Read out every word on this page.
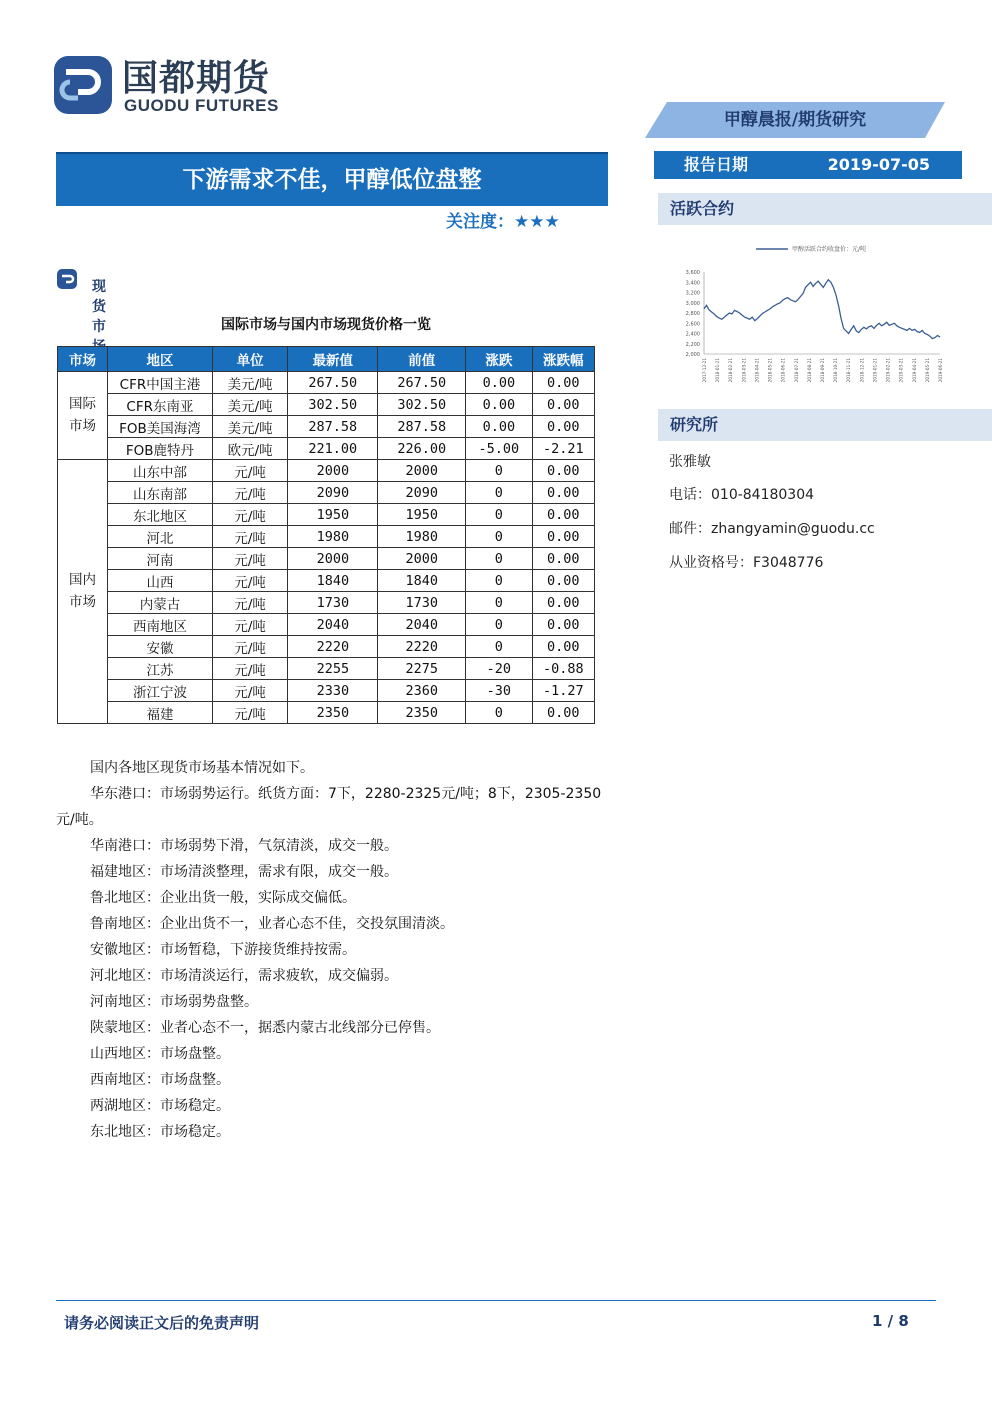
国都期货
GUODU FUTURES
甲醇晨报/期货研究
下游需求不佳，甲醇低位盘整
关注度：★★★
报告日期	2019-07-05
活跃合约
甲醇活跃合约收盘价：元/吨
3,600
3,400
3,200
3,000
2,800
2,600
2,400
2,200
2,000
2017-12-21 2018-01-21 2018-02-21 2018-03-21 2018-04-21 2018-05-21 2018-06-21 2018-07-21 2018-08-21 2018-09-21 2018-10-21 2018-11-21 2018-12-21 2019-01-21 2019-02-21 2019-03-21 2019-04-21 2019-05-21 2019-06-21
研究所
张雅敏
电话：010-84180304
邮件：zhangyamin@guodu.cc
从业资格号：F3048776
现货市	国际市场与国内市场现货价格一览
市场	地区	单位	最新值	前值	涨跌	涨跌幅
国际
市场	CFR中国主港	美元/吨	267.50	267.50	0.00	0.00
	CFR东南亚	美元/吨	302.50	302.50	0.00	0.00
	FOB美国海湾	美元/吨	287.58	287.58	0.00	0.00
	FOB鹿特丹	欧元/吨	221.00	226.00	-5.00	-2.21
国内
市场	山东中部	元/吨	2000	2000	0	0.00
	山东南部	元/吨	2090	2090	0	0.00
	东北地区	元/吨	1950	1950	0	0.00
	河北	元/吨	1980	1980	0	0.00
	河南	元/吨	2000	2000	0	0.00
	山西	元/吨	1840	1840	0	0.00
	内蒙古	元/吨	1730	1730	0	0.00
	西南地区	元/吨	2040	2040	0	0.00
	安徽	元/吨	2220	2220	0	0.00
	江苏	元/吨	2255	2275	-20	-0.88
	浙江宁波	元/吨	2330	2360	-30	-1.27
	福建	元/吨	2350	2350	0	0.00

国内各地区现货市场基本情况如下。

华东港口：市场弱势运行。纸货方面：7下，2280-2325元/吨；8下，2305-2350元/吨。

华南港口：市场弱势下滑，气氛清淡，成交一般。

福建地区：市场清淡整理，需求有限，成交一般。

鲁北地区：企业出货一般，实际成交偏低。

鲁南地区：企业出货不一，业者心态不佳，交投氛围清淡。

安徽地区：市场暂稳，下游接货维持按需。

河北地区：市场清淡运行，需求疲软，成交偏弱。

河南地区：市场弱势盘整。

陕蒙地区：业者心态不一，据悉内蒙古北线部分已停售。

山西地区：市场盘整。

西南地区：市场盘整。

两湖地区：市场稳定。

东北地区：市场稳定。

请务必阅读正文后的免责声明	1 / 8
